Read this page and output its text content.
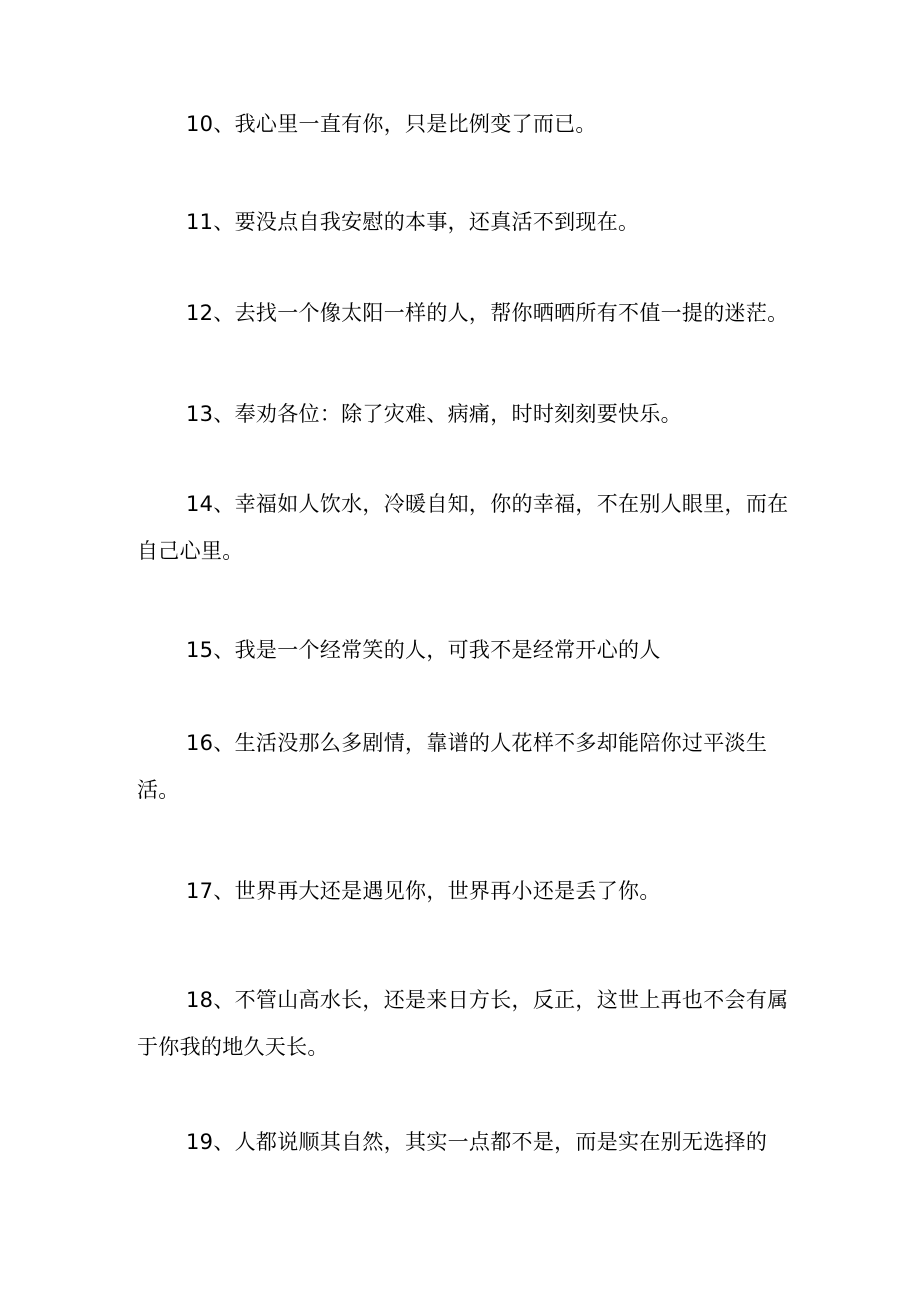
10、我心里一直有你，只是比例变了而已。

11、要没点自我安慰的本事，还真活不到现在。

12、去找一个像太阳一样的人，帮你晒晒所有不值一提的迷茫。

13、奉劝各位：除了灾难、病痛，时时刻刻要快乐。

14、幸福如人饮水，冷暖自知，你的幸福，不在别人眼里，而在自己心里。

15、我是一个经常笑的人，可我不是经常开心的人

16、生活没那么多剧情，靠谱的人花样不多却能陪你过平淡生活。

17、世界再大还是遇见你，世界再小还是丢了你。

18、不管山高水长，还是来日方长，反正，这世上再也不会有属于你我的地久天长。

19、人都说顺其自然，其实一点都不是，而是实在别无选择的
